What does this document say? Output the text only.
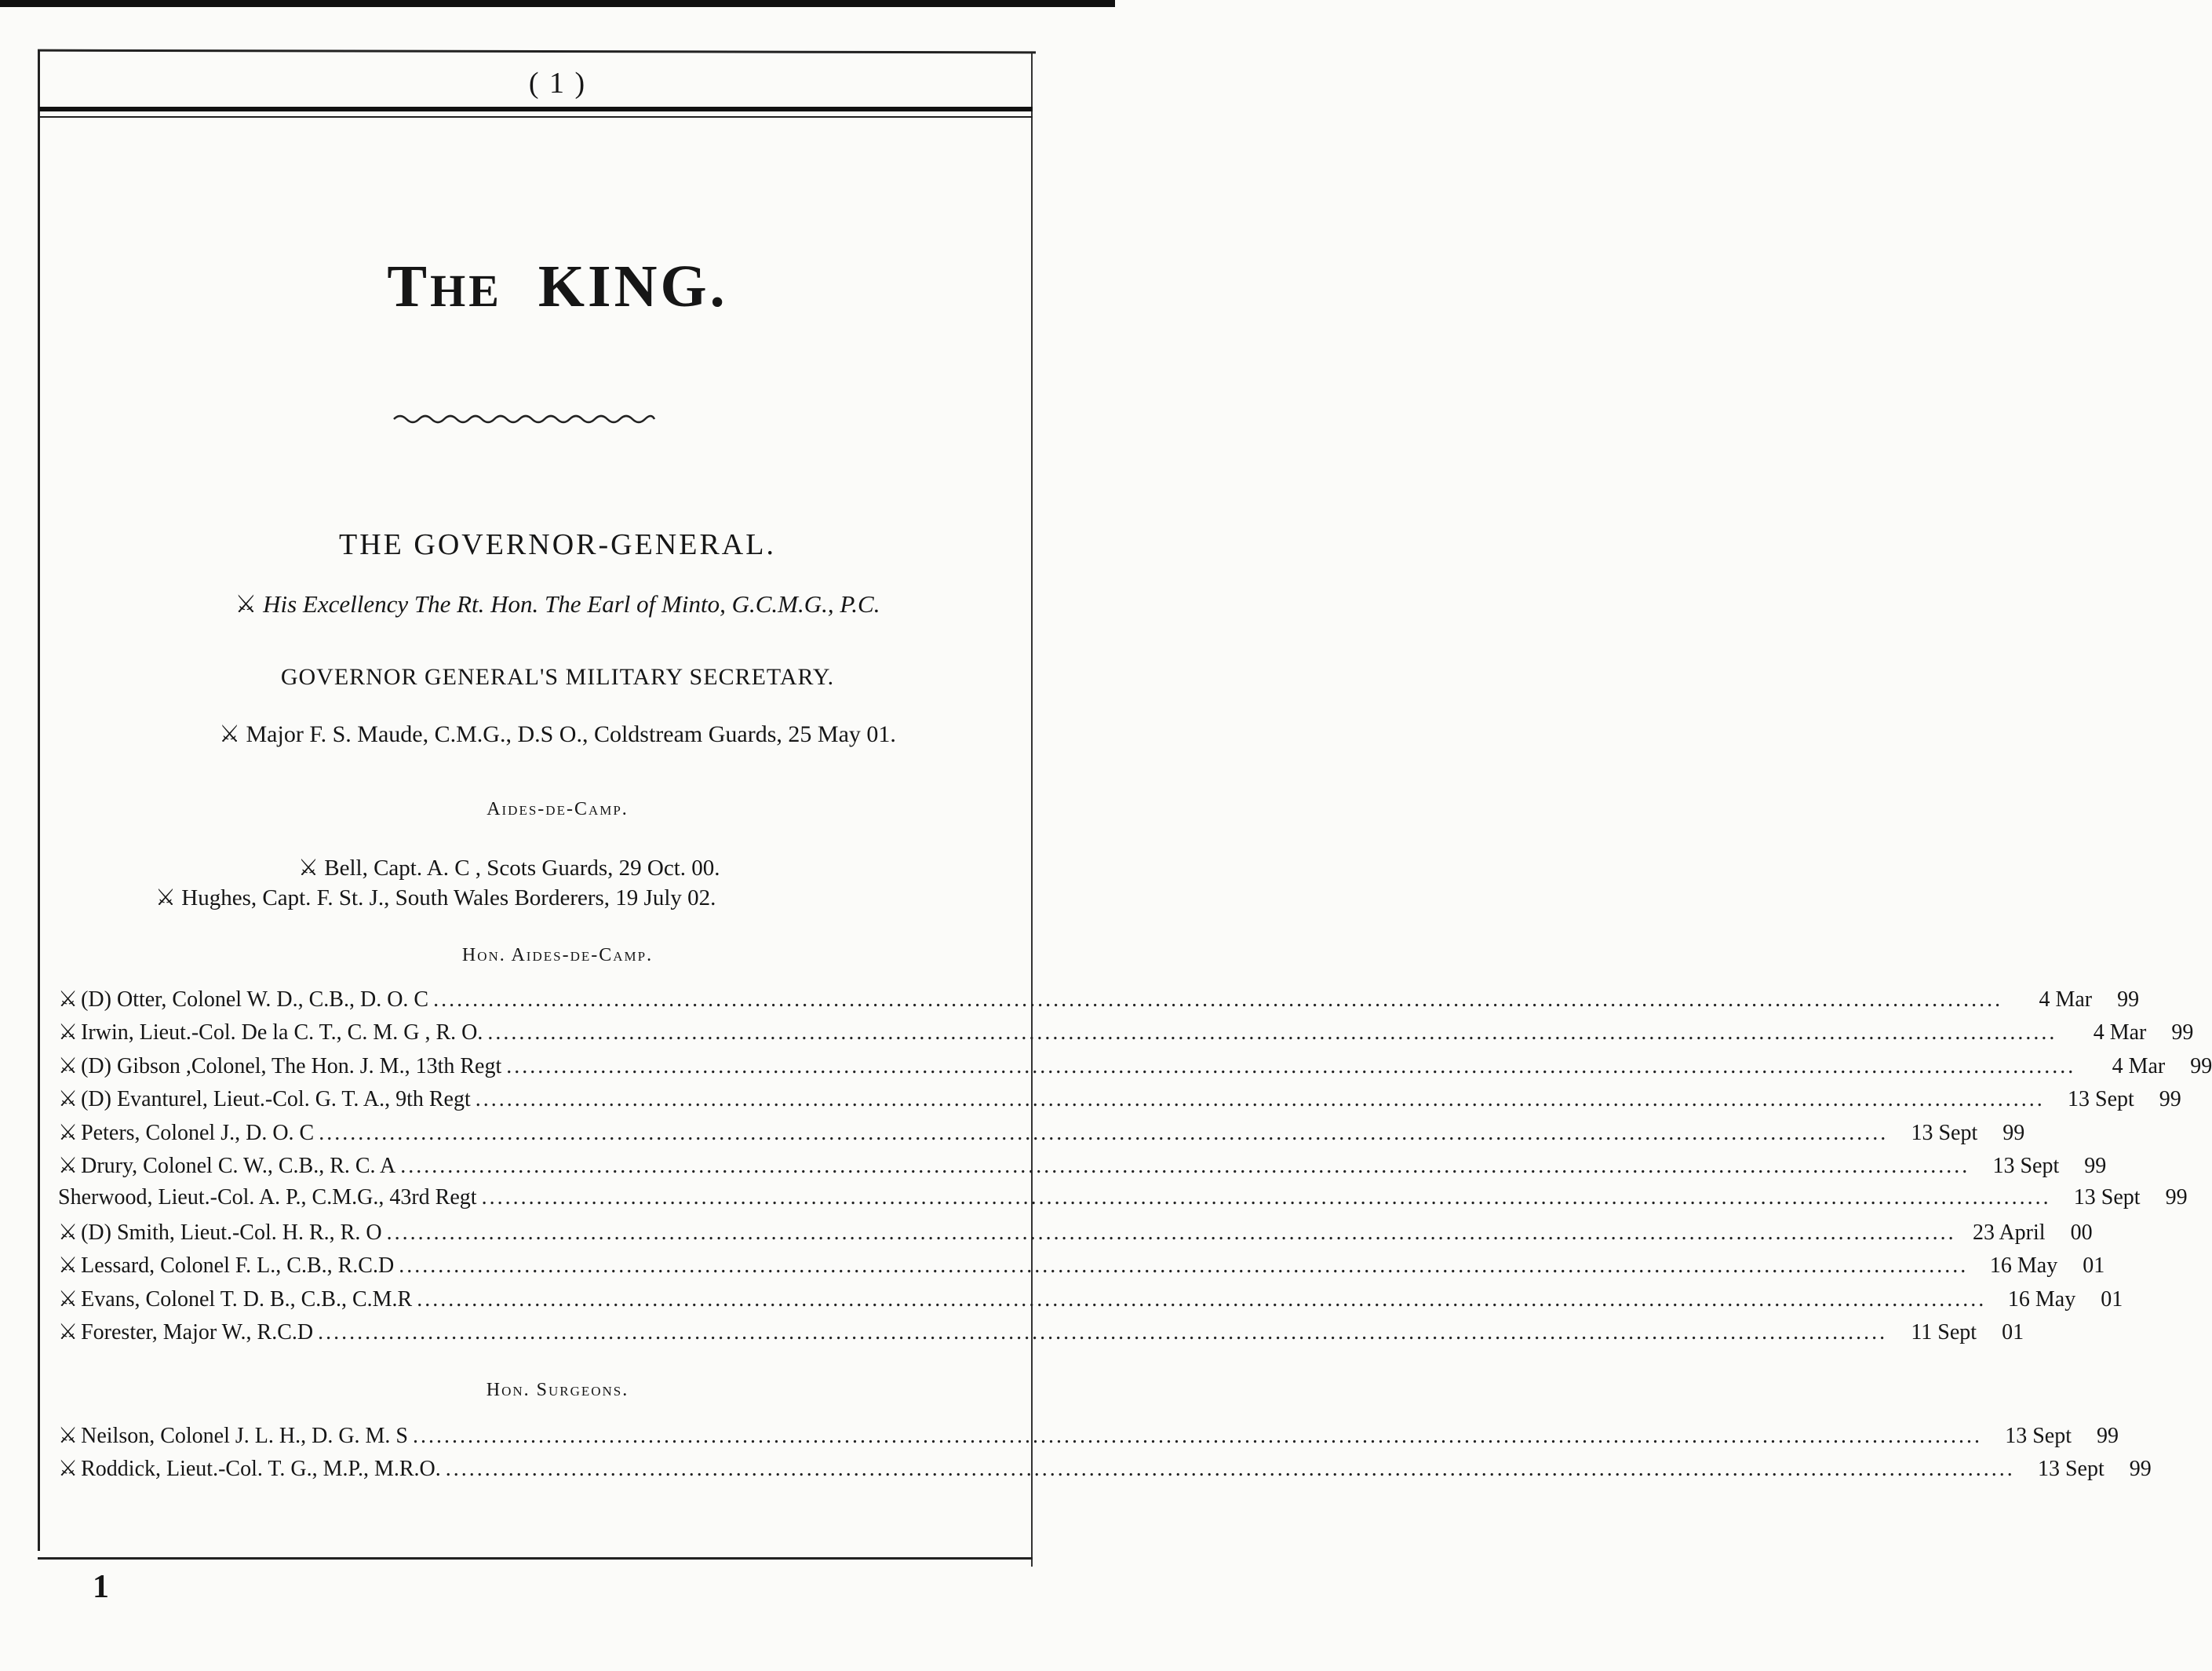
( 1 )
THE KING.
THE GOVERNOR-GENERAL.
⚔ His Excellency The Rt. Hon. The Earl of Minto, G.C.M.G., P.C.
GOVERNOR GENERAL'S MILITARY SECRETARY.
⚔ Major F. S. Maude, C.M.G., D.S O., Coldstream Guards, 25 May 01.
Aides-de-Camp.
⚔ Bell, Capt. A. C , Scots Guards, 29 Oct. 00.
⚔ Hughes, Capt. F. St. J., South Wales Borderers, 19 July 02.
Hon. Aides-de-Camp.
⚔ (D) Otter, Colonel W. D., C.B., D. O. C ........................................................................................................................................................................................................	4 Mar	99
⚔ Irwin, Lieut.-Col. De la C. T., C. M. G , R. O. ........................................................................................................................................................................................................	4 Mar	99
⚔ (D) Gibson ,Colonel, The Hon. J. M., 13th Regt ........................................................................................................................................................................................................	4 Mar	99
⚔ (D) Evanturel, Lieut.-Col. G. T. A., 9th Regt ........................................................................................................................................................................................................	13 Sept	99
⚔ Peters, Colonel J., D. O. C ........................................................................................................................................................................................................	13 Sept	99
⚔ Drury, Colonel C. W., C.B., R. C. A ........................................................................................................................................................................................................	13 Sept	99
Sherwood, Lieut.-Col. A. P., C.M.G., 43rd Regt ........................................................................................................................................................................................................	13 Sept	99
⚔ (D) Smith, Lieut.-Col. H. R., R. O ........................................................................................................................................................................................................ 23 April	00
⚔ Lessard, Colonel F. L., C.B., R.C.D ........................................................................................................................................................................................................ 16 May	01
⚔ Evans, Colonel T. D. B., C.B., C.M.R ........................................................................................................................................................................................................ 16 May	01
⚔ Forester, Major W., R.C.D ........................................................................................................................................................................................................	11 Sept	01
Hon. Surgeons.
⚔ Neilson, Colonel J. L. H., D. G. M. S ........................................................................................................................................................................................................	13 Sept	99
⚔ Roddick, Lieut.-Col. T. G., M.P., M.R.O. ........................................................................................................................................................................................................	13 Sept	99
1
